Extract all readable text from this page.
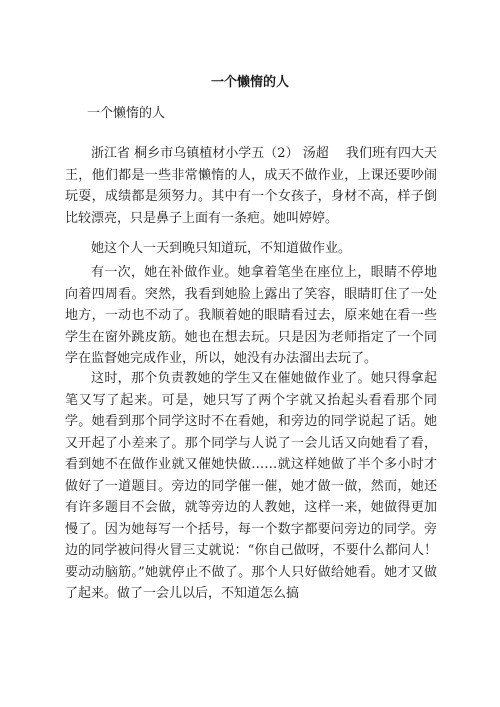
一个懒惰的人
一个懒惰的人

浙江省 桐乡市乌镇植材小学五（2） 汤超　 我们班有四大天王，他们都是一些非常懒惰的人，成天不做作业，上课还要吵闹玩耍，成绩都是须努力。其中有一个女孩子，身材不高，样子倒比较漂亮，只是鼻子上面有一条疤。她叫婷婷。

她这个人一天到晚只知道玩，不知道做作业。

有一次，她在补做作业。她拿着笔坐在座位上，眼睛不停地向着四周看。突然，我看到她脸上露出了笑容，眼睛盯住了一处地方，一动也不动了。我顺着她的眼睛看过去，原来她在看一些学生在窗外跳皮筋。她也在想去玩。只是因为老师指定了一个同学在监督她完成作业，所以，她没有办法溜出去玩了。

这时，那个负责教她的学生又在催她做作业了。她只得拿起笔又写了起来。可是，她只写了两个字就又抬起头看看那个同学。她看到那个同学这时不在看她，和旁边的同学说起了话。她又开起了小差来了。那个同学与人说了一会儿话又向她看了看，看到她不在做作业就又催她快做……就这样她做了半个多小时才做好了一道题目。旁边的同学催一催，她才做一做，然而，她还有许多题目不会做，就等旁边的人教她，这样一来，她做得更加慢了。因为她每写一个括号，每一个数字都要问旁边的同学。旁边的同学被问得火冒三丈就说：“你自己做呀，不要什么都问人！要动动脑筋。”她就停止不做了。那个人只好做给她看。她才又做了起来。做了一会儿以后，不知道怎么搞
